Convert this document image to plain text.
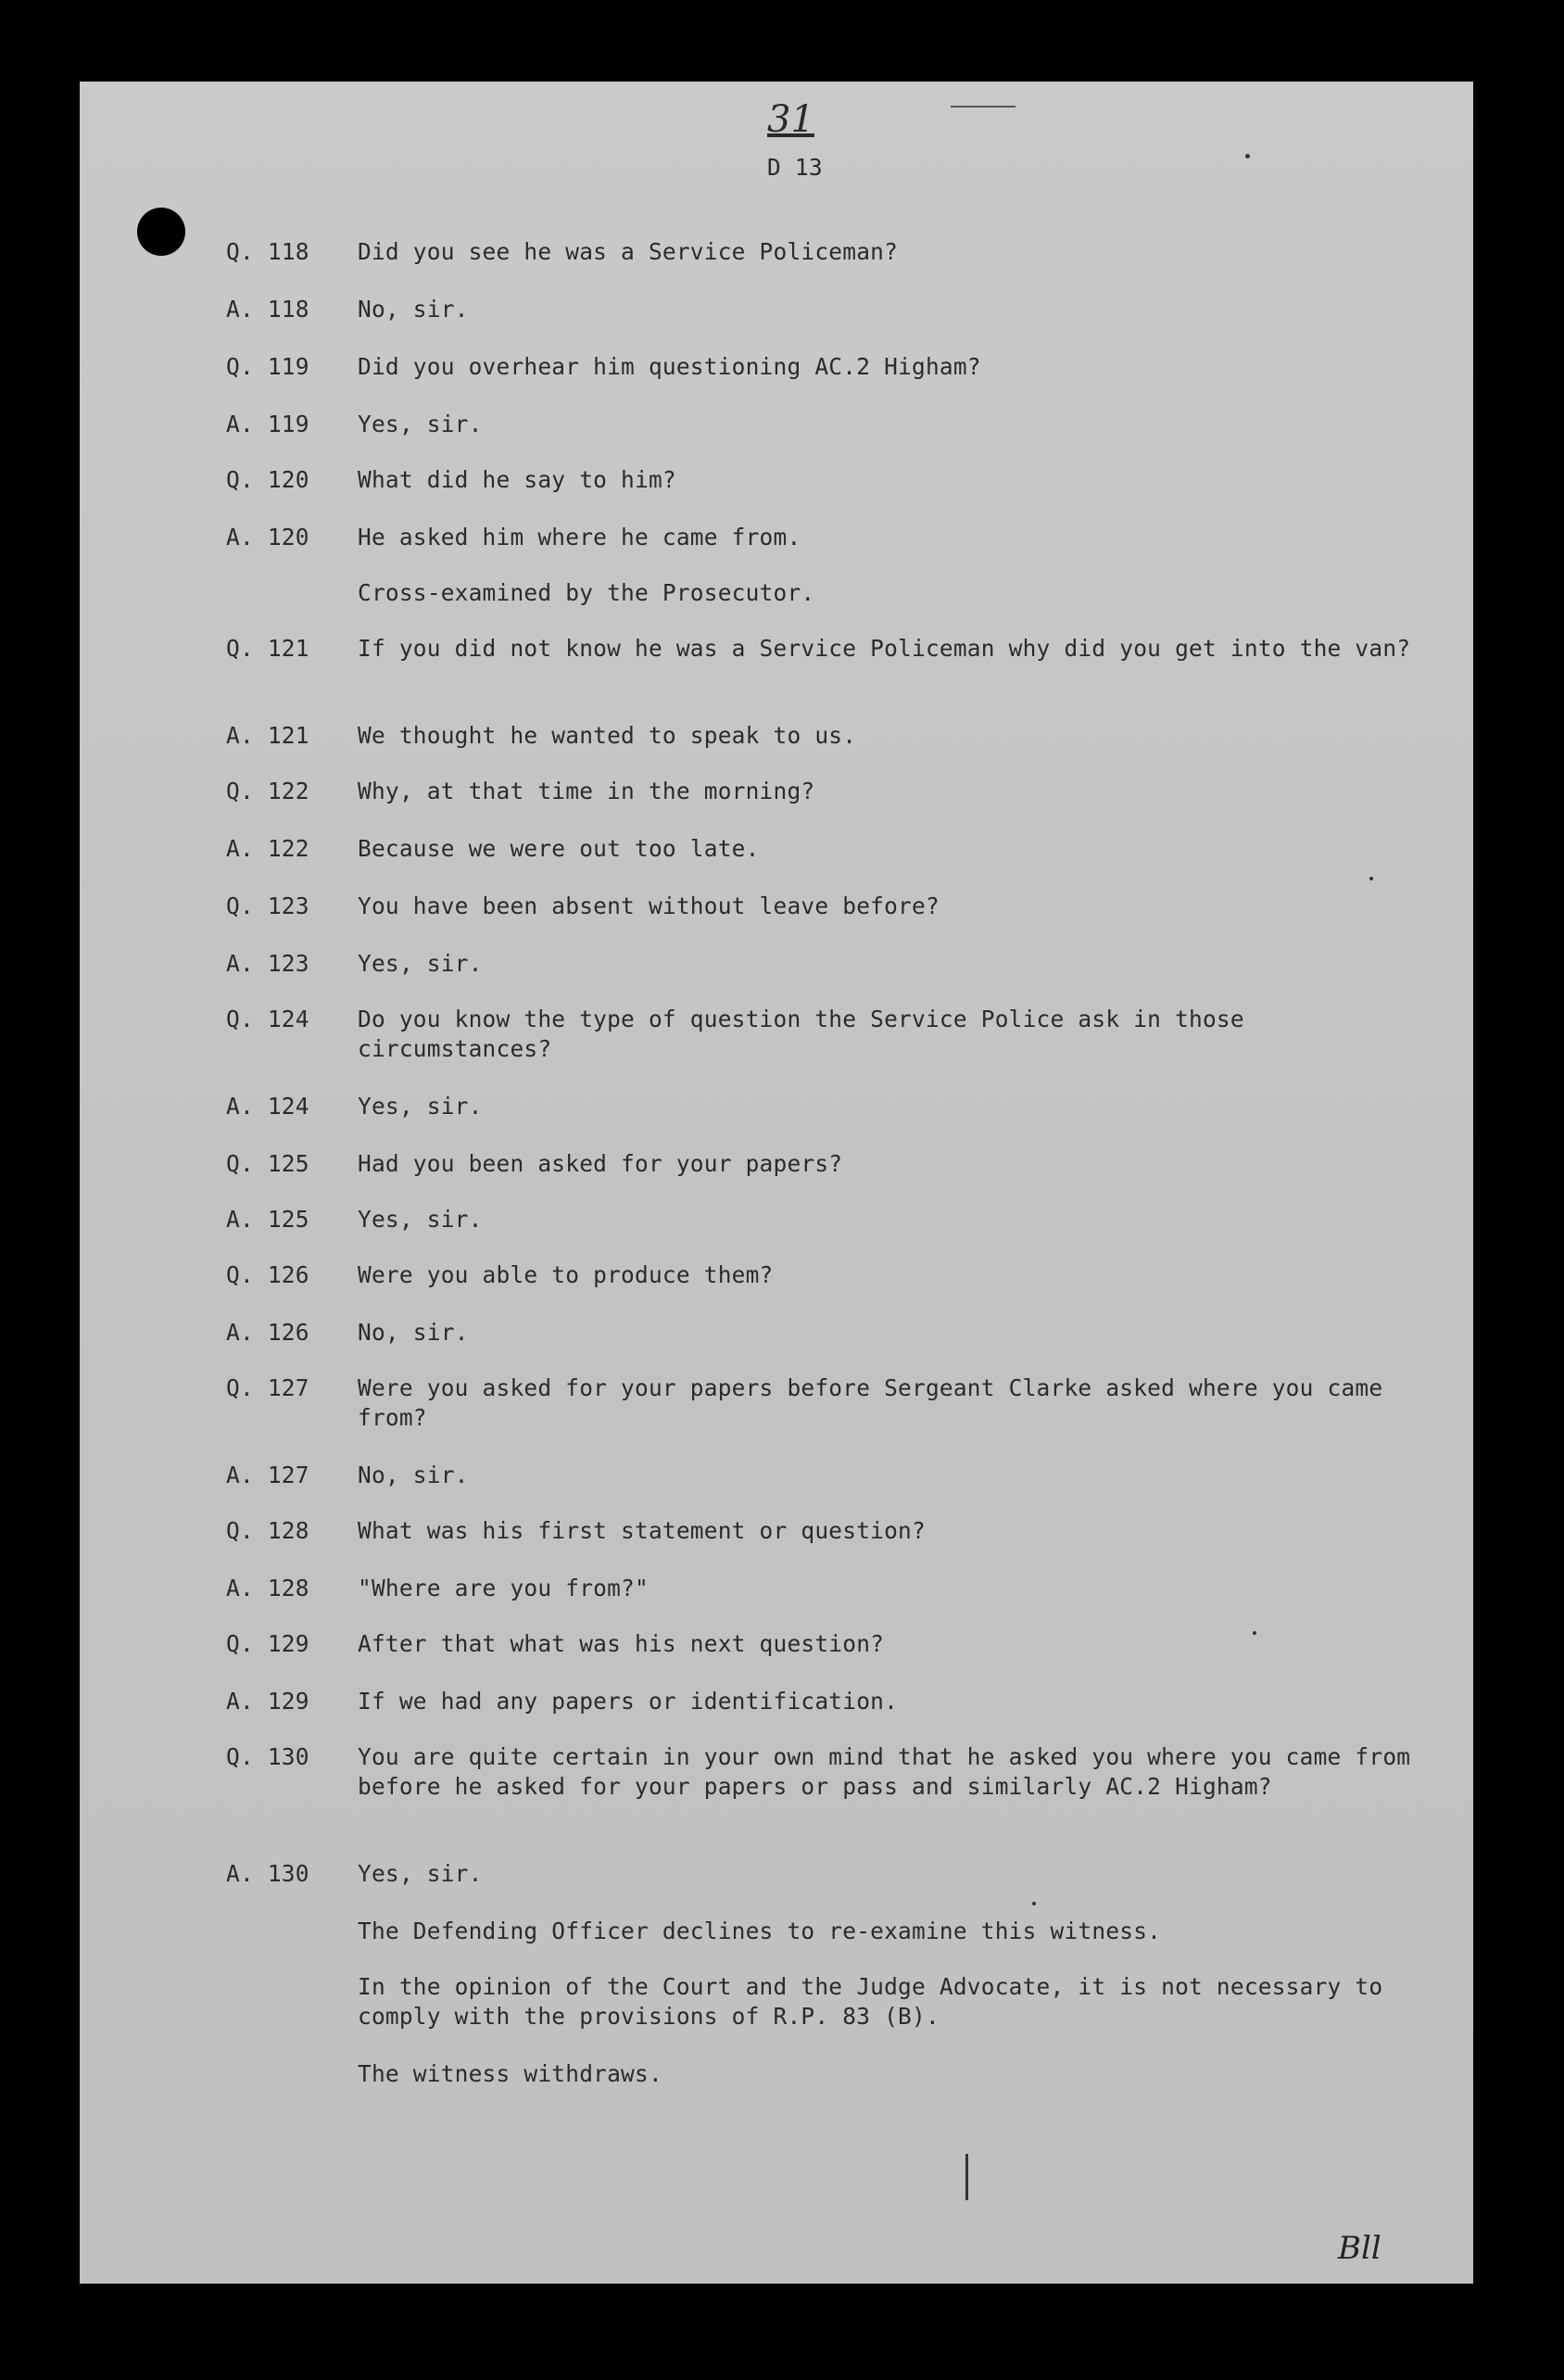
31
D 13
Q. 118 Did you see he was a Service Policeman?
A. 118 No, sir.
Q. 119 Did you overhear him questioning AC.2 Higham?
A. 119 Yes, sir.
Q. 120 What did he say to him?
A. 120 He asked him where he came from.
Cross-examined by the Prosecutor.
Q. 121 If you did not know he was a Service Policeman why did you get into the van?
A. 121 We thought he wanted to speak to us.
Q. 122 Why, at that time in the morning?
A. 122 Because we were out too late.
Q. 123 You have been absent without leave before?
A. 123 Yes, sir.
Q. 124 Do you know the type of question the Service Police ask in those circumstances?
A. 124 Yes, sir.
Q. 125 Had you been asked for your papers?
A. 125 Yes, sir.
Q. 126 Were you able to produce them?
A. 126 No, sir.
Q. 127 Were you asked for your papers before Sergeant Clarke asked where you came from?
A. 127 No, sir.
Q. 128 What was his first statement or question?
A. 128 "Where are you from?"
Q. 129 After that what was his next question?
A. 129 If we had any papers or identification.
Q. 130 You are quite certain in your own mind that he asked you where you came from before he asked for your papers or pass and similarly AC.2 Higham?
A. 130 Yes, sir.
The Defending Officer declines to re-examine this witness.
In the opinion of the Court and the Judge Advocate, it is not necessary to comply with the provisions of R.P. 83 (B).
The witness withdraws.
Bll
